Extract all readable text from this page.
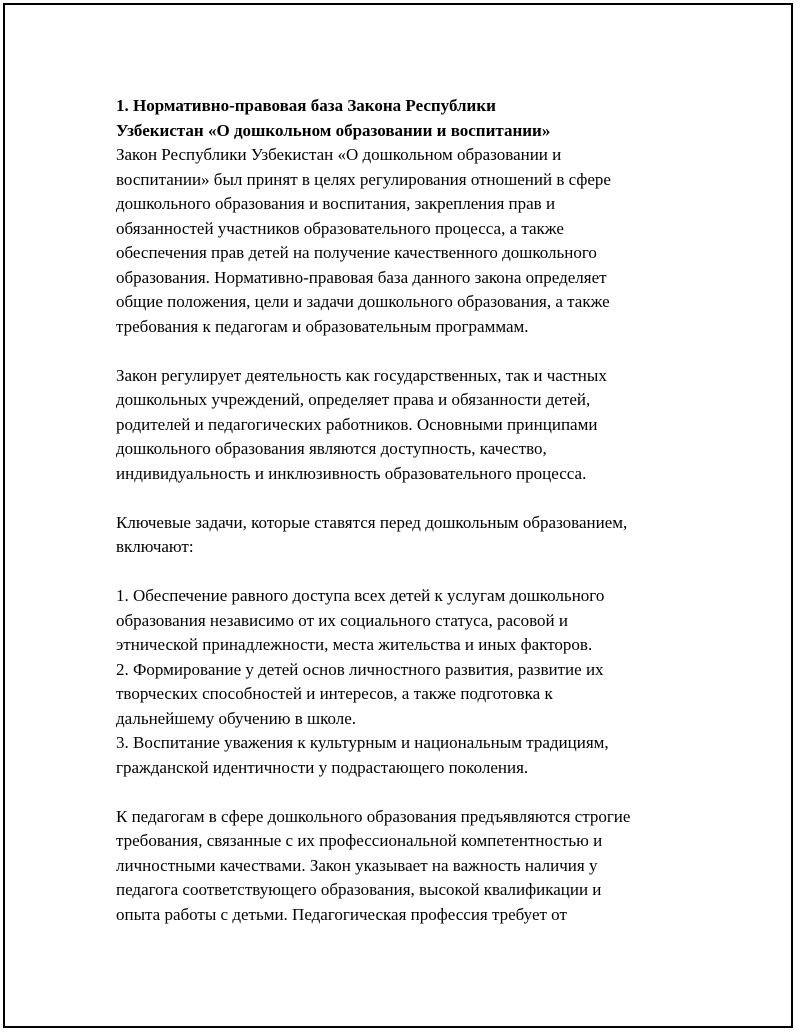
1. Нормативно-правовая база Закона Республики
Узбекистан «О дошкольном образовании и воспитании»

Закон Республики Узбекистан «О дошкольном образовании и
воспитании» был принят в целях регулирования отношений в сфере
дошкольного образования и воспитания, закрепления прав и
обязанностей участников образовательного процесса, а также
обеспечения прав детей на получение качественного дошкольного
образования. Нормативно-правовая база данного закона определяет
общие положения, цели и задачи дошкольного образования, а также
требования к педагогам и образовательным программам.

Закон регулирует деятельность как государственных, так и частных
дошкольных учреждений, определяет права и обязанности детей,
родителей и педагогических работников. Основными принципами
дошкольного образования являются доступность, качество,
индивидуальность и инклюзивность образовательного процесса.

Ключевые задачи, которые ставятся перед дошкольным образованием,
включают:

1. Обеспечение равного доступа всех детей к услугам дошкольного
образования независимо от их социального статуса, расовой и
этнической принадлежности, места жительства и иных факторов.
2. Формирование у детей основ личностного развития, развитие их
творческих способностей и интересов, а также подготовка к
дальнейшему обучению в школе.
3. Воспитание уважения к культурным и национальным традициям,
гражданской идентичности у подрастающего поколения.

К педагогам в сфере дошкольного образования предъявляются строгие
требования, связанные с их профессиональной компетентностью и
личностными качествами. Закон указывает на важность наличия у
педагога соответствующего образования, высокой квалификации и
опыта работы с детьми. Педагогическая профессия требует от
